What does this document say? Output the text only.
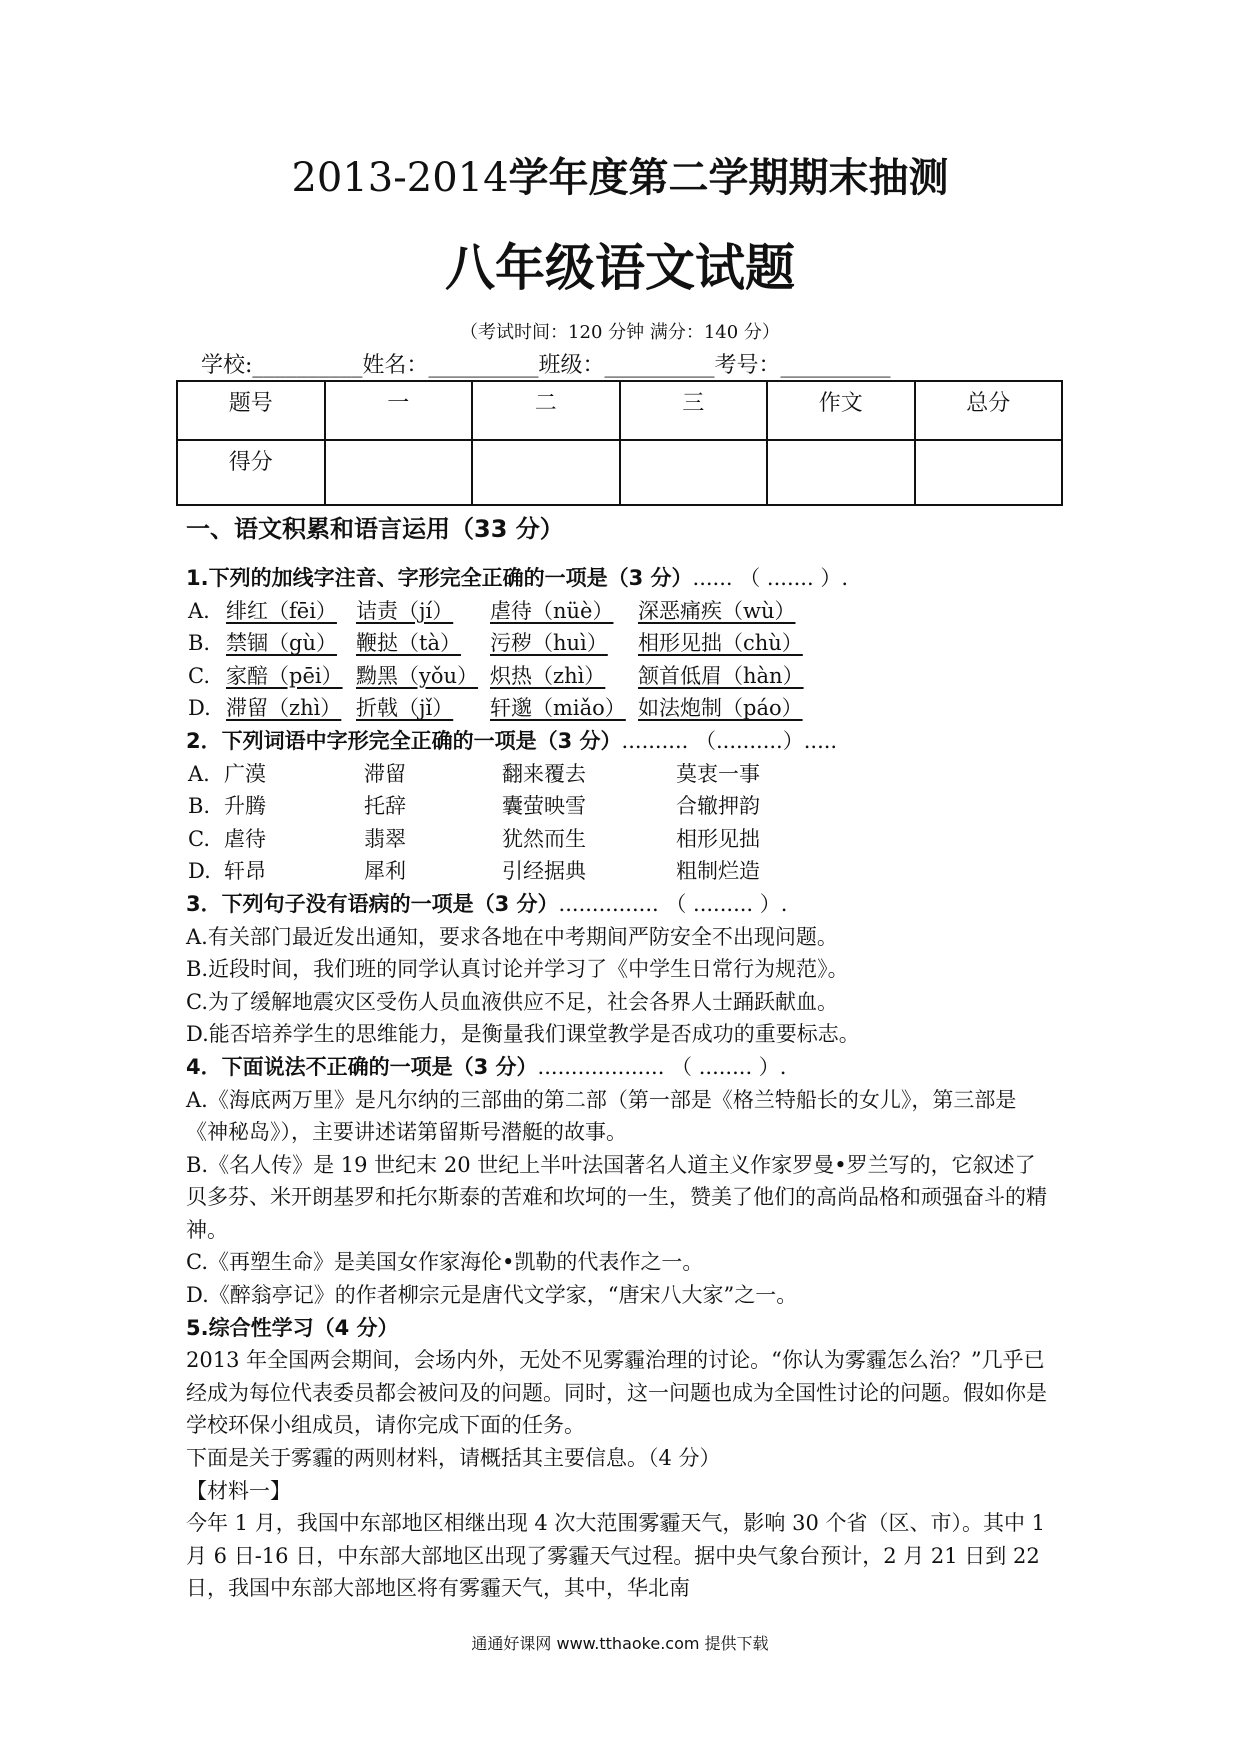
2013-2014学年度第二学期期末抽测
八年级语文试题
（考试时间：120 分钟 满分：140 分）
学校:__________姓名：__________班级：__________考号：__________
题号	一	二	三	作文	总分
得分					
一、语文积累和语言运用（33 分）
1.下列的加线字注音、字形完全正确的一项是（3 分）...... （ ....... ）.
A. 绯红（fēi） 诘责（jí） 虐待（nüè） 深恶痛疾（wù）
B. 禁锢（gù） 鞭挞（tà） 污秽（huì） 相形见拙（chù）
C. 家醅（pēi） 黝黑（yǒu） 炽热（zhì） 颔首低眉（hàn）
D. 滞留（zhì） 折戟（jǐ） 轩邈（miǎo） 如法炮制（páo）
2．下列词语中字形完全正确的一项是（3 分）.......... （..........）.....
A. 广漠	滞留	翻来覆去	莫衷一事
B. 升腾	托辞	囊萤映雪	合辙押韵
C. 虐待	翡翠	犹然而生	相形见拙
D. 轩昂	犀利	引经据典	粗制烂造
3．下列句子没有语病的一项是（3 分）............... （ ......... ）.
A.有关部门最近发出通知，要求各地在中考期间严防安全不出现问题。
B.近段时间，我们班的同学认真讨论并学习了《中学生日常行为规范》。
C.为了缓解地震灾区受伤人员血液供应不足，社会各界人士踊跃献血。
D.能否培养学生的思维能力，是衡量我们课堂教学是否成功的重要标志。
4．下面说法不正确的一项是（3 分）................... （ ........ ）.
A.《海底两万里》是凡尔纳的三部曲的第二部（第一部是《格兰特船长的女儿》，第三部是 《神秘岛》），主要讲述诺第留斯号潜艇的故事。
B.《名人传》是 19 世纪末 20 世纪上半叶法国著名人道主义作家罗曼•罗兰写的，它叙述了贝多芬、米开朗基罗和托尔斯泰的苦难和坎坷的一生，赞美了他们的高尚品格和顽强奋斗的精神。
C.《再塑生命》是美国女作家海伦•凯勒的代表作之一。
D.《醉翁亭记》的作者柳宗元是唐代文学家，“唐宋八大家”之一。
5.综合性学习（4 分）
2013 年全国两会期间，会场内外，无处不见雾霾治理的讨论。“你认为雾霾怎么治？”几乎已经成为每位代表委员都会被问及的问题。同时，这一问题也成为全国性讨论的问题。假如你是学校环保小组成员，请你完成下面的任务。
下面是关于雾霾的两则材料，请概括其主要信息。（4 分）
【材料一】
今年 1 月，我国中东部地区相继出现 4 次大范围雾霾天气，影响 30 个省（区、市）。其中 1 月 6 日-16 日，中东部大部地区出现了雾霾天气过程。据中央气象台预计，2 月 21 日到 22 日，我国中东部大部地区将有雾霾天气，其中，华北南
通通好课网 www.tthaoke.com 提供下载
